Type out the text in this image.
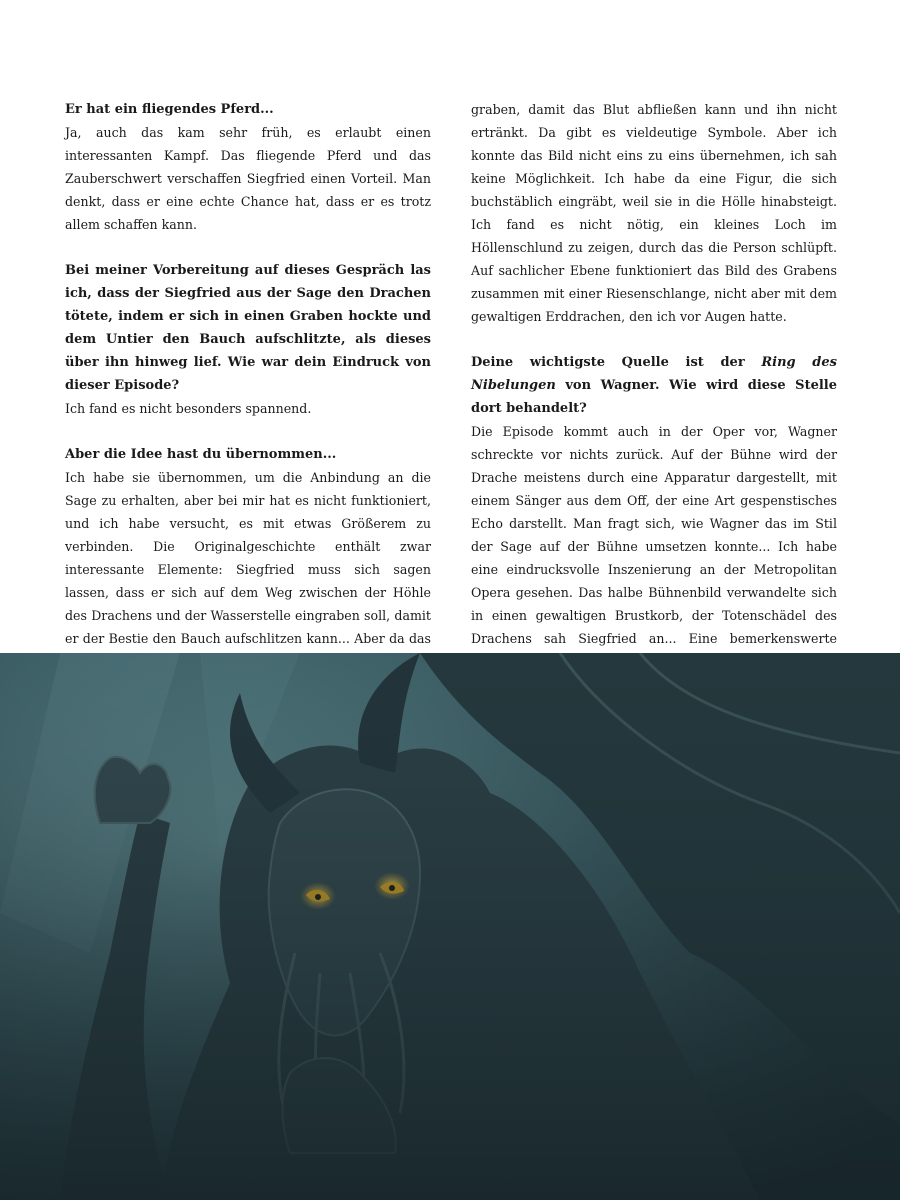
Er hat ein fliegendes Pferd...

Ja, auch das kam sehr früh, es erlaubt einen interessanten Kampf. Das fliegende Pferd und das Zauberschwert verschaffen Siegfried einen Vorteil. Man denkt, dass er eine echte Chance hat, dass er es trotz allem schaffen kann.

Bei meiner Vorbereitung auf dieses Gespräch las ich, dass der Siegfried aus der Sage den Drachen tötete, indem er sich in einen Graben hockte und dem Untier den Bauch aufschlitzte, als dieses über ihn hinweg lief. Wie war dein Eindruck von dieser Episode?

Ich fand es nicht besonders spannend.

Aber die Idee hast du übernommen...

Ich habe sie übernommen, um die Anbindung an die Sage zu erhalten, aber bei mir hat es nicht funktioniert, und ich habe versucht, es mit etwas Größerem zu verbinden. Die Originalgeschichte enthält zwar interessante Elemente: Siegfried muss sich sagen lassen, dass er sich auf dem Weg zwischen der Höhle des Drachens und der Wasserstelle eingraben soll, damit er der Bestie den Bauch aufschlitzen kann... Aber da das

graben, damit das Blut abfließen kann und ihn nicht ertränkt. Da gibt es vieldeutige Symbole. Aber ich konnte das Bild nicht eins zu eins übernehmen, ich sah keine Möglichkeit. Ich habe da eine Figur, die sich buchstäblich eingräbt, weil sie in die Hölle hinabsteigt. Ich fand es nicht nötig, ein kleines Loch im Höllenschlund zu zeigen, durch das die Person schlüpft. Auf sachlicher Ebene funktioniert das Bild des Grabens zusammen mit einer Riesenschlange, nicht aber mit dem gewaltigen Erddrachen, den ich vor Augen hatte.

Deine wichtigste Quelle ist der Ring des Nibelungen von Wagner. Wie wird diese Stelle dort behandelt?

Die Episode kommt auch in der Oper vor, Wagner schreckte vor nichts zurück. Auf der Bühne wird der Drache meistens durch eine Apparatur dargestellt, mit einem Sänger aus dem Off, der eine Art gespenstisches Echo darstellt. Man fragt sich, wie Wagner das im Stil der Sage auf der Bühne umsetzen konnte... Ich habe eine eindrucksvolle Inszenierung an der Metropolitan Opera gesehen. Das halbe Bühnenbild verwandelte sich in einen gewaltigen Brustkorb, der Totenschädel des Drachens sah Siegfried an... Eine bemerkenswerte
